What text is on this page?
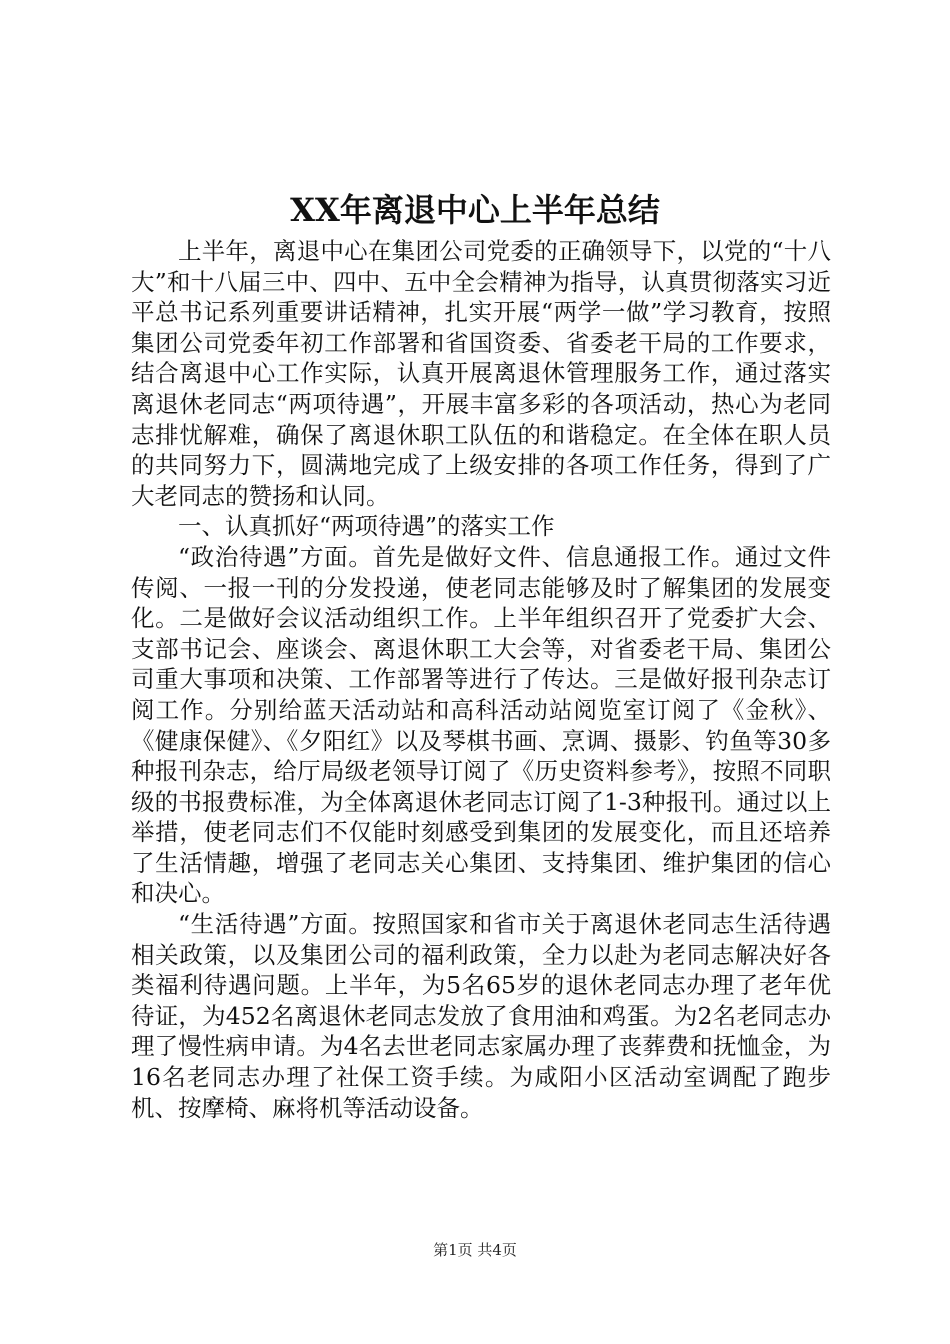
XX年离退中心上半年总结

上半年，离退中心在集团公司党委的正确领导下，以党的“十八大”和十八届三中、四中、五中全会精神为指导，认真贯彻落实习近平总书记系列重要讲话精神，扎实开展“两学一做”学习教育，按照集团公司党委年初工作部署和省国资委、省委老干局的工作要求，结合离退中心工作实际，认真开展离退休管理服务工作，通过落实离退休老同志“两项待遇”，开展丰富多彩的各项活动，热心为老同志排忧解难，确保了离退休职工队伍的和谐稳定。在全体在职人员的共同努力下，圆满地完成了上级安排的各项工作任务，得到了广大老同志的赞扬和认同。

一、认真抓好“两项待遇”的落实工作

“政治待遇”方面。首先是做好文件、信息通报工作。通过文件传阅、一报一刊的分发投递，使老同志能够及时了解集团的发展变化。二是做好会议活动组织工作。上半年组织召开了党委扩大会、支部书记会、座谈会、离退休职工大会等，对省委老干局、集团公司重大事项和决策、工作部署等进行了传达。三是做好报刊杂志订阅工作。分别给蓝天活动站和高科活动站阅览室订阅了《金秋》、《健康保健》、《夕阳红》以及琴棋书画、烹调、摄影、钓鱼等30多种报刊杂志，给厅局级老领导订阅了《历史资料参考》，按照不同职级的书报费标准，为全体离退休老同志订阅了1-3种报刊。通过以上举措，使老同志们不仅能时刻感受到集团的发展变化，而且还培养了生活情趣，增强了老同志关心集团、支持集团、维护集团的信心和决心。

“生活待遇”方面。按照国家和省市关于离退休老同志生活待遇相关政策，以及集团公司的福利政策，全力以赴为老同志解决好各类福利待遇问题。上半年，为5名65岁的退休老同志办理了老年优待证，为452名离退休老同志发放了食用油和鸡蛋。为2名老同志办理了慢性病申请。为4名去世老同志家属办理了丧葬费和抚恤金，为16名老同志办理了社保工资手续。为咸阳小区活动室调配了跑步机、按摩椅、麻将机等活动设备。

第1页 共4页
